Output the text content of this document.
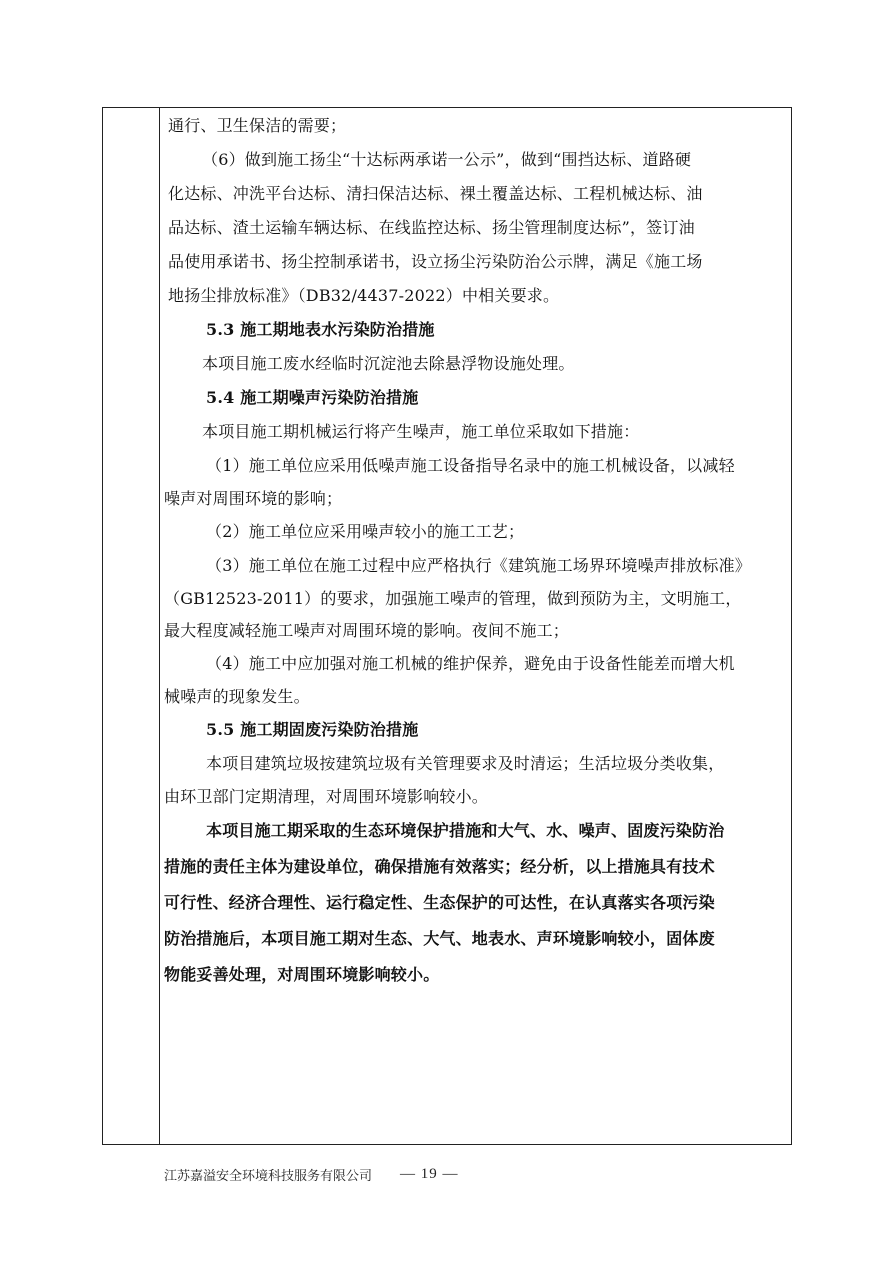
通行、卫生保洁的需要；
（6）做到施工扬尘“十达标两承诺一公示”，做到“围挡达标、道路硬
化达标、冲洗平台达标、清扫保洁达标、裸土覆盖达标、工程机械达标、油
品达标、渣土运输车辆达标、在线监控达标、扬尘管理制度达标”，签订油
品使用承诺书、扬尘控制承诺书，设立扬尘污染防治公示牌，满足《施工场
地扬尘排放标准》（DB32/4437-2022）中相关要求。
5.3 施工期地表水污染防治措施
本项目施工废水经临时沉淀池去除悬浮物设施处理。
5.4 施工期噪声污染防治措施
本项目施工期机械运行将产生噪声，施工单位采取如下措施：
（1）施工单位应采用低噪声施工设备指导名录中的施工机械设备，以减轻
噪声对周围环境的影响；
（2）施工单位应采用噪声较小的施工工艺；
（3）施工单位在施工过程中应严格执行《建筑施工场界环境噪声排放标准》
（GB12523-2011）的要求，加强施工噪声的管理，做到预防为主，文明施工，
最大程度减轻施工噪声对周围环境的影响。夜间不施工；
（4）施工中应加强对施工机械的维护保养，避免由于设备性能差而增大机
械噪声的现象发生。
5.5 施工期固废污染防治措施
本项目建筑垃圾按建筑垃圾有关管理要求及时清运；生活垃圾分类收集，
由环卫部门定期清理，对周围环境影响较小。
本项目施工期采取的生态环境保护措施和大气、水、噪声、固废污染防治
措施的责任主体为建设单位，确保措施有效落实；经分析，以上措施具有技术
可行性、经济合理性、运行稳定性、生态保护的可达性，在认真落实各项污染
防治措施后，本项目施工期对生态、大气、地表水、声环境影响较小，固体废
物能妥善处理，对周围环境影响较小。
江苏嘉溢安全环境科技服务有限公司 — 19 —
